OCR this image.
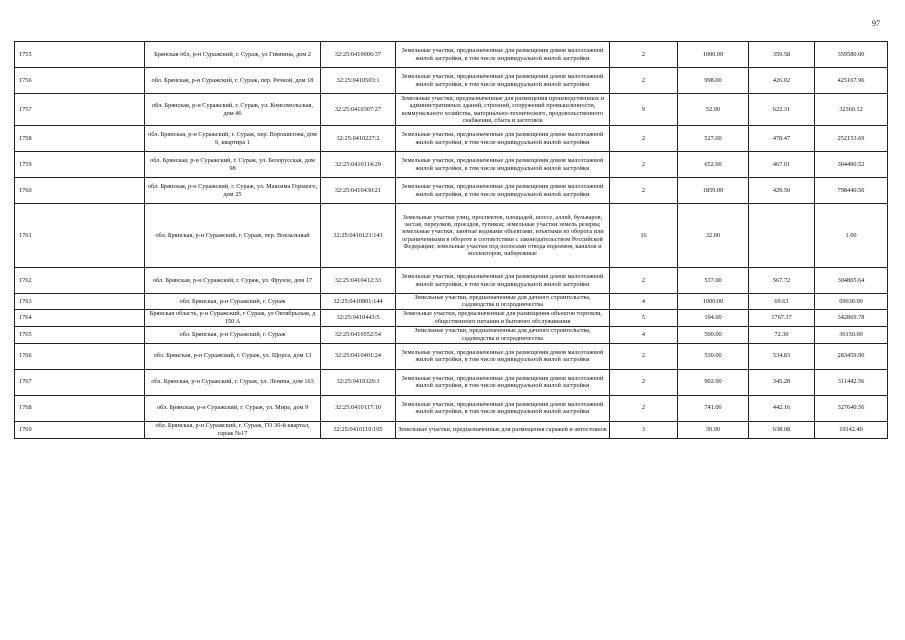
97
1755	Брянская обл, р-н Суражский, г. Сураж, ул Гимнина, дом 2	32:25:0410006:37	Земельные участки, предназначенные для размещения домов малоэтажной жилой застройки, в том числе индивидуальной жилой застройки	2	1000.00	359.58	359580.00
1756	обл. Брянская, р-н Суражский, г. Сураж, пер. Речной, дом 18	32:25:0410503:1	Земельные участки, предназначенные для размещения домов малоэтажной жилой застройки, в том числе индивидуальной жилой застройки	2	998.00	426.02	425167.96
1757	обл. Брянская, р-н Суражский, г. Сураж, ул. Комсомольская, дом 46	32:25:0410307:27	Земельные участки, предназначенные для размещения производственных и административных зданий, строений, сооружений промышленности, коммунального хозяйства, материально-технического, продовольственного снабжения, сбыта и заготовок	9	52.00	622.31	32360.12
1758	обл. Брянская, р-н Суражский, г. Сураж, пер. Ворошилова, дом 9, квартира 1	32:25:0410227:2	Земельные участки, предназначенные для размещения домов малоэтажной жилой застройки, в том числе индивидуальной жилой застройки	2	527.00	478.47	252153.69
1759	обл. Брянская, р-н Суражский, г. Сураж, ул. Белорусская, дом 98	32:25:0410114:29	Земельные участки, предназначенные для размещения домов малоэтажной жилой застройки, в том числе индивидуальной жилой застройки	2	652.00	467.01	304490.52
1760	обл. Брянская, р-н Суражский, г. Сураж, ул. Максима Горького, дом 25	32:25:0410430:21	Земельные участки, предназначенные для размещения домов малоэтажной жилой застройки, в том числе индивидуальной жилой застройки	2	1859.00	429.50	798440.50
1761	обл. Брянская, р-н Суражский, г. Сураж, пер. Вокзальный	32:25:0410123:143	Земельные участки улиц, проспектов, площадей, шоссе, аллей, бульваров, застав, переулков, проездов, тупиков; земельные участки земель резерва; земельные участки, занятые водными объектами, изъятыми из оборота или ограниченными в обороте в соответствии с законодательством Российской Федерации; земельные участки под полосами отвода водоемов, каналов и коллекторов, набережные	16	32.00		1.00
1762	обл. Брянская, р-н Суражский, г. Сураж, ул. Фрунзе, дом 17	32:25:0410412:33	Земельные участки, предназначенные для размещения домов малоэтажной жилой застройки, в том числе индивидуальной жилой застройки	2	537.00	567.72	304865.64
1763	обл. Брянская, р-н Суражский, г. Сураж	32:25:0410801:144	Земельные участки, предназначенные для дачного строительства, садоводства и огородничества	4	1000.00	69.63	69630.00
1764	Брянская область, р-н Суражский, г Сураж, ул Октябрьская, д 150 А	32:25:0410443:5	Земельные участки, предназначенные для размещения объектов торговли, общественного питания и бытового обслуживания	5	194.00	1767.37	342869.78
1765	обл. Брянская, р-н Суражский, г. Сураж	32:25:0410552:54	Земельные участки, предназначенные для дачного строительства, садоводства и огородничества	4	500.00	72.30	36150.00
1766	обл. Брянская, р-н Суражский, г. Сураж, ул. Щорса, дом 13	32:25:0410401:24	Земельные участки, предназначенные для размещения домов малоэтажной жилой застройки, в том числе индивидуальной жилой застройки	2	530.00	534.83	283459.90
1767	обл. Брянская, р-н Суражский, г. Сураж, ул. Ленина, дом 163	32:25:0410320:3	Земельные участки, предназначенные для размещения домов малоэтажной жилой застройки, в том числе индивидуальной жилой застройки	2	902.00	345.28	311442.56
1768	обл. Брянская, р-н Суражский, г. Сураж, ул. Мира, дом 9	32:25:0410117:10	Земельные участки, предназначенные для размещения домов малоэтажной жилой застройки, в том числе индивидуальной жилой застройки	2	741.00	442.16	327640.56
1769	обл. Брянская, р-н Суражский, г. Сураж, ГО 30-й квартал, гараж №17	32:25:0410110:105	Земельные участки, предназначенные для размещения гаражей и автостоянок	3	30.00	638.08	19142.40
